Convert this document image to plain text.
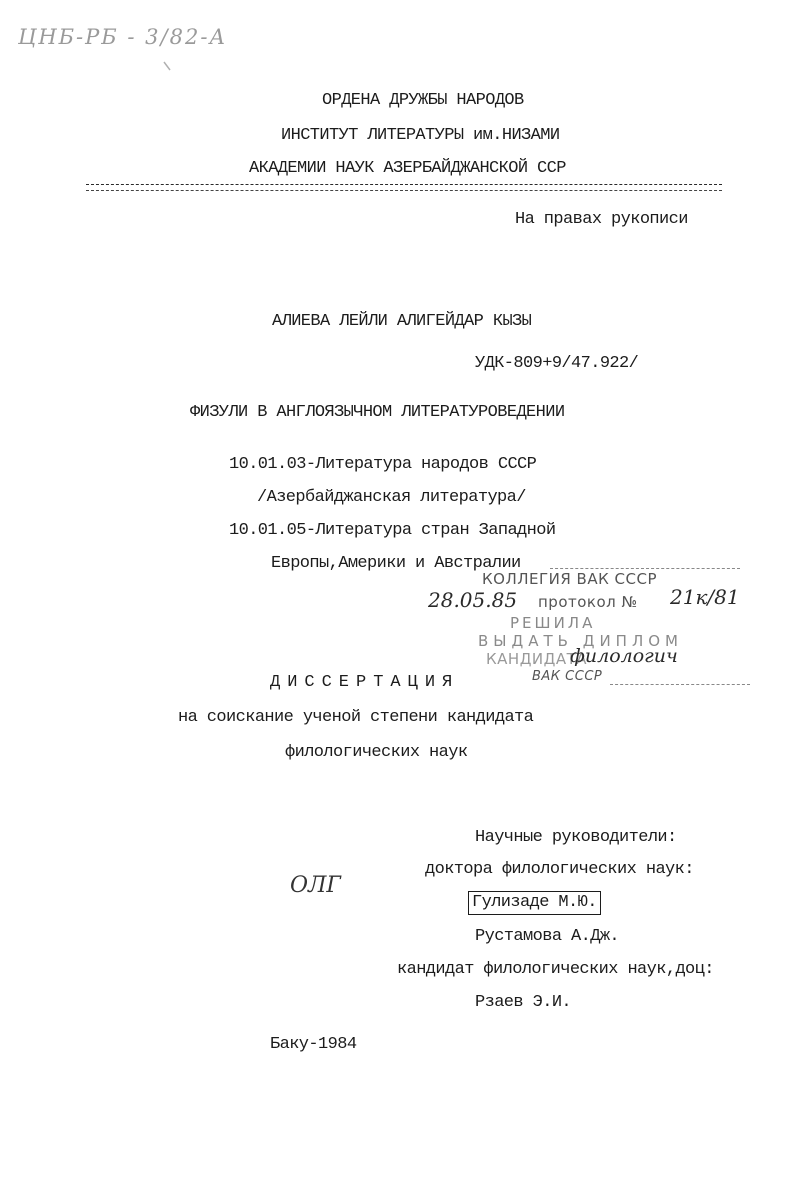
ЦНБ-РБ - 3/82-А
ОРДЕНА ДРУЖБЫ НАРОДОВ
ИНСТИТУТ ЛИТЕРАТУРЫ им.НИЗАМИ
АКАДЕМИИ НАУК АЗЕРБАЙДЖАНСКОЙ ССР
На правах рукописи
АЛИЕВА ЛЕЙЛИ АЛИГЕЙДАР КЫЗЫ
УДК-809+9/47.922/
ФИЗУЛИ В АНГЛОЯЗЫЧНОМ ЛИТЕРАТУРОВЕДЕНИИ
10.01.03-Литература народов СССР
/Азербайджанская литература/
10.01.05-Литература стран Западной
Европы,Америки и Австралии
КОЛЛЕГИЯ ВАК СССР
28.05.85 протокол № 21к/81
РЕШИЛА
ВЫДАТЬ ДИПЛОМ
КАНДИДАТА
филологич
ВАК СССР
ДИССЕРТАЦИЯ
на соискание ученой степени кандидата
филологических наук
Научные руководители:
доктора филологических наук:
Гулизаде М.Ю.
Рустамова А.Дж.
кандидат филологических наук,доц:
Рзаев Э.И.
ОЛГ
Баку-1984
